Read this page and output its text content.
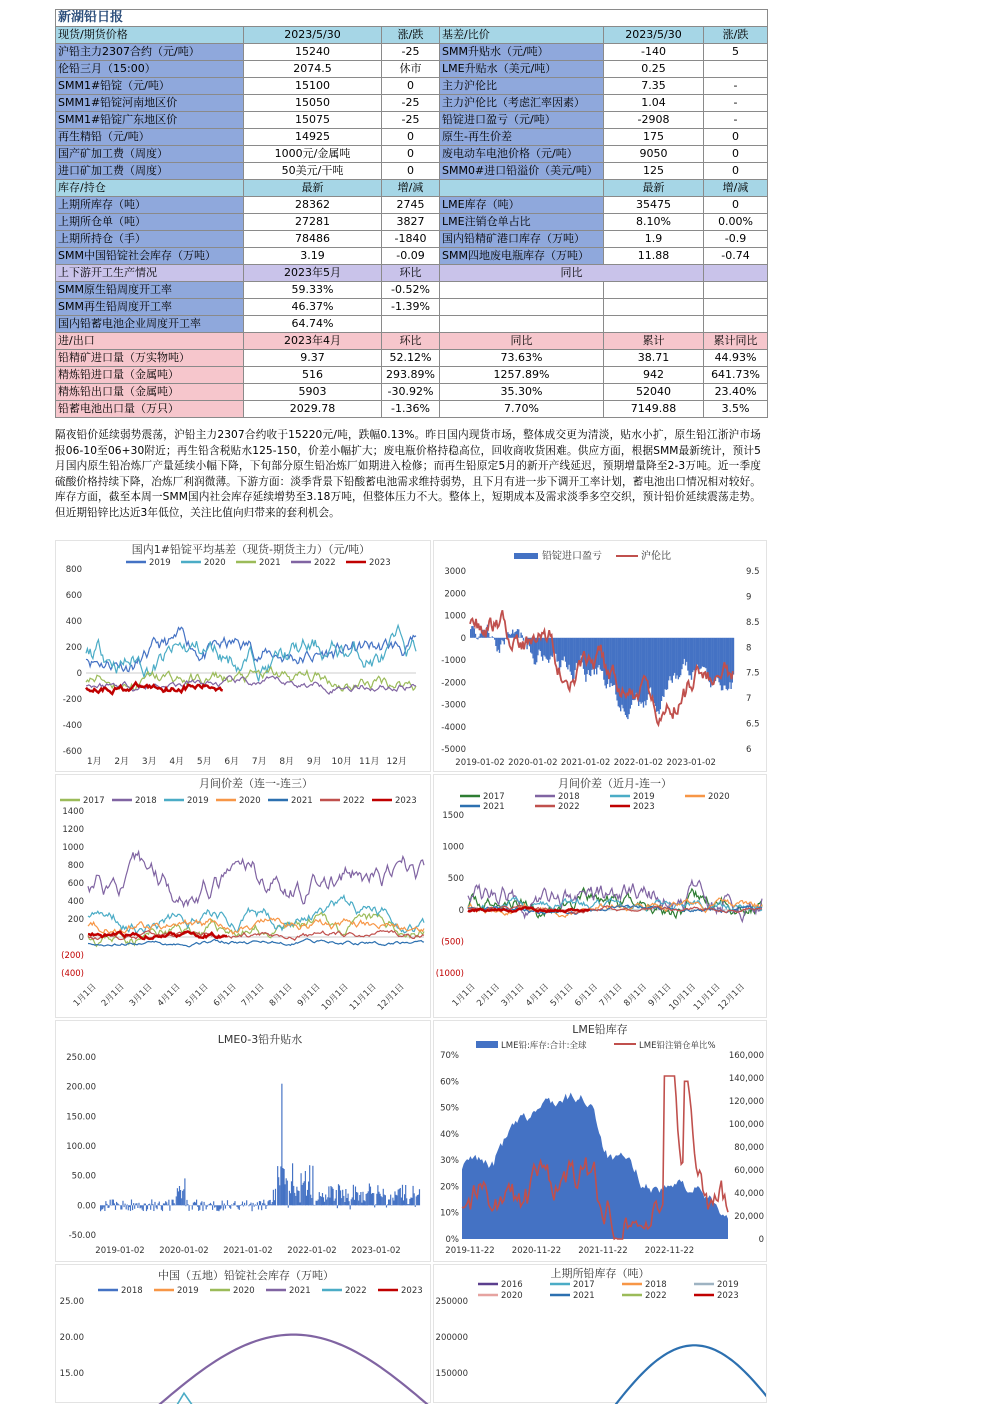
新湖铅日报					
现货/期货价格	2023/5/30	涨/跌	基差/比价	2023/5/30	涨/跌
沪铅主力2307合约（元/吨）	15240	-25	SMM升贴水（元/吨）	-140	5
伦铅三月（15:00）	2074.5	休市	LME升贴水（美元/吨）	0.25	
SMM1#铅锭（元/吨）	15100	0	主力沪伦比	7.35	-
SMM1#铅锭河南地区价	15050	-25	主力沪伦比（考虑汇率因素）	1.04	-
SMM1#铅锭广东地区价	15075	-25	铅锭进口盈亏（元/吨）	-2908	-
再生精铅（元/吨）	14925	0	原生-再生价差	175	0
国产矿加工费（周度）	1000元/金属吨	0	废电动车电池价格（元/吨）	9050	0
进口矿加工费（周度）	50美元/干吨	0	SMM0#进口铅溢价（美元/吨）	125	0
库存/持仓	最新	增/减		最新	增/减
上期所库存（吨）	28362	2745	LME库存（吨）	35475	0
上期所仓单（吨）	27281	3827	LME注销仓单占比	8.10%	0.00%
上期所持仓（手）	78486	-1840	国内铅精矿港口库存（万吨）	1.9	-0.9
SMM中国铅锭社会库存（万吨）	3.19	-0.09	SMM四地废电瓶库存（万吨）	11.88	-0.74
上下游开工生产情况	2023年5月	环比	同比		
SMM原生铅周度开工率	59.33%	-0.52%			
SMM再生铅周度开工率	46.37%	-1.39%			
国内铅蓄电池企业周度开工率	64.74%				
进/出口	2023年4月	环比	同比	累计	累计同比
铅精矿进口量（万实物吨）	9.37	52.12%	73.63%	38.71	44.93%
精炼铅进口量（金属吨）	516	293.89%	1257.89%	942	641.73%
精炼铅出口量（金属吨）	5903	-30.92%	35.30%	52040	23.40%
铅蓄电池出口量（万只）	2029.78	-1.36%	7.70%	7149.88	3.5%
隔夜铅价延续弱势震荡，沪铅主力2307合约收于15220元/吨，跌幅0.13%。昨日国内现货市场，整体成交更为清淡，贴水小扩，原生铅江浙沪市场报06-10至06+30附近；再生铅含税贴水125-150，价差小幅扩大；废电瓶价格持稳高位，回收商收货困难。供应方面，根据SMM最新统计，预计5月国内原生铅冶炼厂产量延续小幅下降，下旬部分原生铅冶炼厂如期进入检修；而再生铅原定5月的新开产线延迟，预期增量降至2-3万吨。近一季度硫酸价格持续下降，冶炼厂利润微薄。下游方面：淡季背景下铅酸蓄电池需求维持弱势，且下月有进一步下调开工率计划，蓄电池出口情况相对较好。库存方面，截至本周一SMM国内社会库存延续增势至3.18万吨，但整体压力不大。整体上，短期成本及需求淡季多空交织，预计铅价延续震荡走势。但近期铅锌比达近3年低位，关注比值向归带来的套利机会。
国内1#铅锭平均基差（现货-期货主力）（元/吨）
2019	2020	2021	2022	2023
800
600
400
200
0
-200
-400
-600
1月 2月 3月 4月 5月 6月 7月 8月 9月 10月 11月 12月
铅锭进口盈亏	沪伦比
3000
2000
1000
0
-1000
-2000
-3000
-4000
-5000
9.5
9
8.5
8
7.5
7
6.5
6
2019-01-02 2020-01-02 2021-01-02 2022-01-02 2023-01-02
月间价差（连一-连三）
2017	2018	2019	2020	2021	2022	2023
1400
1200
1000
800
600
400
200
0
(200)
(400)
1月1日 2月1日 3月1日 4月1日 5月1日 6月1日 7月1日 8月1日 9月1日
10月1日
11月1日
12月1日
月间价差（近月-连一）
2017	2018	2019	2020
2021	2022	2023
1500
1000
500
0
(500)
(1000)
1月1日
2月1日
3月1日
4月1日
5月1日
6月1日
7月1日
8月1日
9月1日
10月1日
11月1日
12月1日
LME0-3铅升贴水
250.00
200.00
150.00
100.00
50.00
0.00
-50.00
2019-01-02 2020-01-02 2021-01-02 2022-01-02 2023-01-02
LME铅库存
LME铅:库存:合计:全球	LME铅注销仓单比%
70%
60%
50%
40%
30%
20%
10%
0%
160,000
140,000
120,000
100,000
80,000
60,000
40,000
20,000
0
2019-11-22 2020-11-22 2021-11-22 2022-11-22
中国（五地）铅锭社会库存（万吨）
2018	2019	2020	2021	2022	2023
25.00
20.00
15.00
上期所铅库存（吨）
2016	2017	2018	2019
2020	2021	2022	2023
250000
200000
150000
